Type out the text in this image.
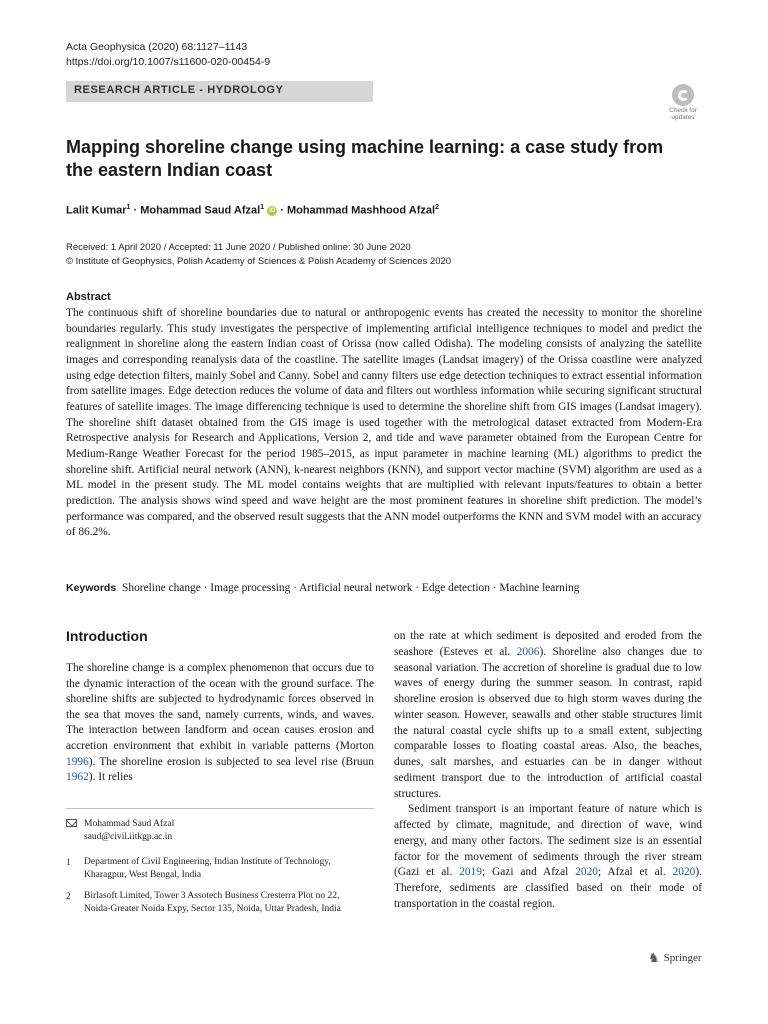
Acta Geophysica (2020) 68:1127–1143
https://doi.org/10.1007/s11600-020-00454-9
RESEARCH ARTICLE - HYDROLOGY
Check for
updates
Mapping shoreline change using machine learning: a case study from the eastern Indian coast
Lalit Kumar$^1$ · Mohammad Saud Afzal$^1$ iD · Mohammad Mashhood Afzal$^2$
Received: 1 April 2020 / Accepted: 11 June 2020 / Published online: 30 June 2020
© Institute of Geophysics, Polish Academy of Sciences & Polish Academy of Sciences 2020
Abstract

The continuous shift of shoreline boundaries due to natural or anthropogenic events has created the necessity to monitor the shoreline boundaries regularly. This study investigates the perspective of implementing artificial intelligence techniques to model and predict the realignment in shoreline along the eastern Indian coast of Orissa (now called Odisha). The modeling consists of analyzing the satellite images and corresponding reanalysis data of the coastline. The satellite images (Landsat imagery) of the Orissa coastline were analyzed using edge detection filters, mainly Sobel and Canny. Sobel and canny filters use edge detection techniques to extract essential information from satellite images. Edge detection reduces the volume of data and filters out worthless information while securing significant structural features of satellite images. The image differencing technique is used to determine the shoreline shift from GIS images (Landsat imagery). The shoreline shift dataset obtained from the GIS image is used together with the metrological dataset extracted from Modern-Era Retrospective analysis for Research and Applications, Version 2, and tide and wave parameter obtained from the European Centre for Medium-Range Weather Forecast for the period 1985–2015, as input parameter in machine learning (ML) algorithms to predict the shoreline shift. Artificial neural network (ANN), k-nearest neighbors (KNN), and support vector machine (SVM) algorithm are used as a ML model in the present study. The ML model contains weights that are multiplied with relevant inputs/features to obtain a better prediction. The analysis shows wind speed and wave height are the most prominent features in shoreline shift prediction. The model’s performance was compared, and the observed result suggests that the ANN model outperforms the KNN and SVM model with an accuracy of 86.2%.

Keywords Shoreline change · Image processing · Artificial neural network · Edge detection · Machine learning
Introduction

The shoreline change is a complex phenomenon that occurs due to the dynamic interaction of the ocean with the ground surface. The shoreline shifts are subjected to hydrodynamic forces observed in the sea that moves the sand, namely currents, winds, and waves. The interaction between landform and ocean causes erosion and accretion environment that exhibit in variable patterns (Morton 1996). The shoreline erosion is subjected to sea level rise (Bruun 1962). It relies

on the rate at which sediment is deposited and eroded from the seashore (Esteves et al. 2006). Shoreline also changes due to seasonal variation. The accretion of shoreline is gradual due to low waves of energy during the summer season. In contrast, rapid shoreline erosion is observed due to high storm waves during the winter season. However, seawalls and other stable structures limit the natural coastal cycle shifts up to a small extent, subjecting comparable losses to floating coastal areas. Also, the beaches, dunes, salt marshes, and estuaries can be in danger without sediment transport due to the introduction of artificial coastal structures.

Sediment transport is an important feature of nature which is affected by climate, magnitude, and direction of wave, wind energy, and many other factors. The sediment size is an essential factor for the movement of sediments through the river stream (Gazi et al. 2019; Gazi and Afzal 2020; Afzal et al. 2020). Therefore, sediments are classified based on their mode of transportation in the coastal region.

Mohammad Saud Afzal
saud@civil.iitkgp.ac.in
1 Department of Civil Engineering, Indian Institute of Technology, Kharagpur, West Bengal, India
2 Birlasoft Limited, Tower 3 Assotech Business Cresterra Plot no 22, Noida-Greater Noida Expy, Sector 135, Noida, Uttar Pradesh, India
♞ Springer
